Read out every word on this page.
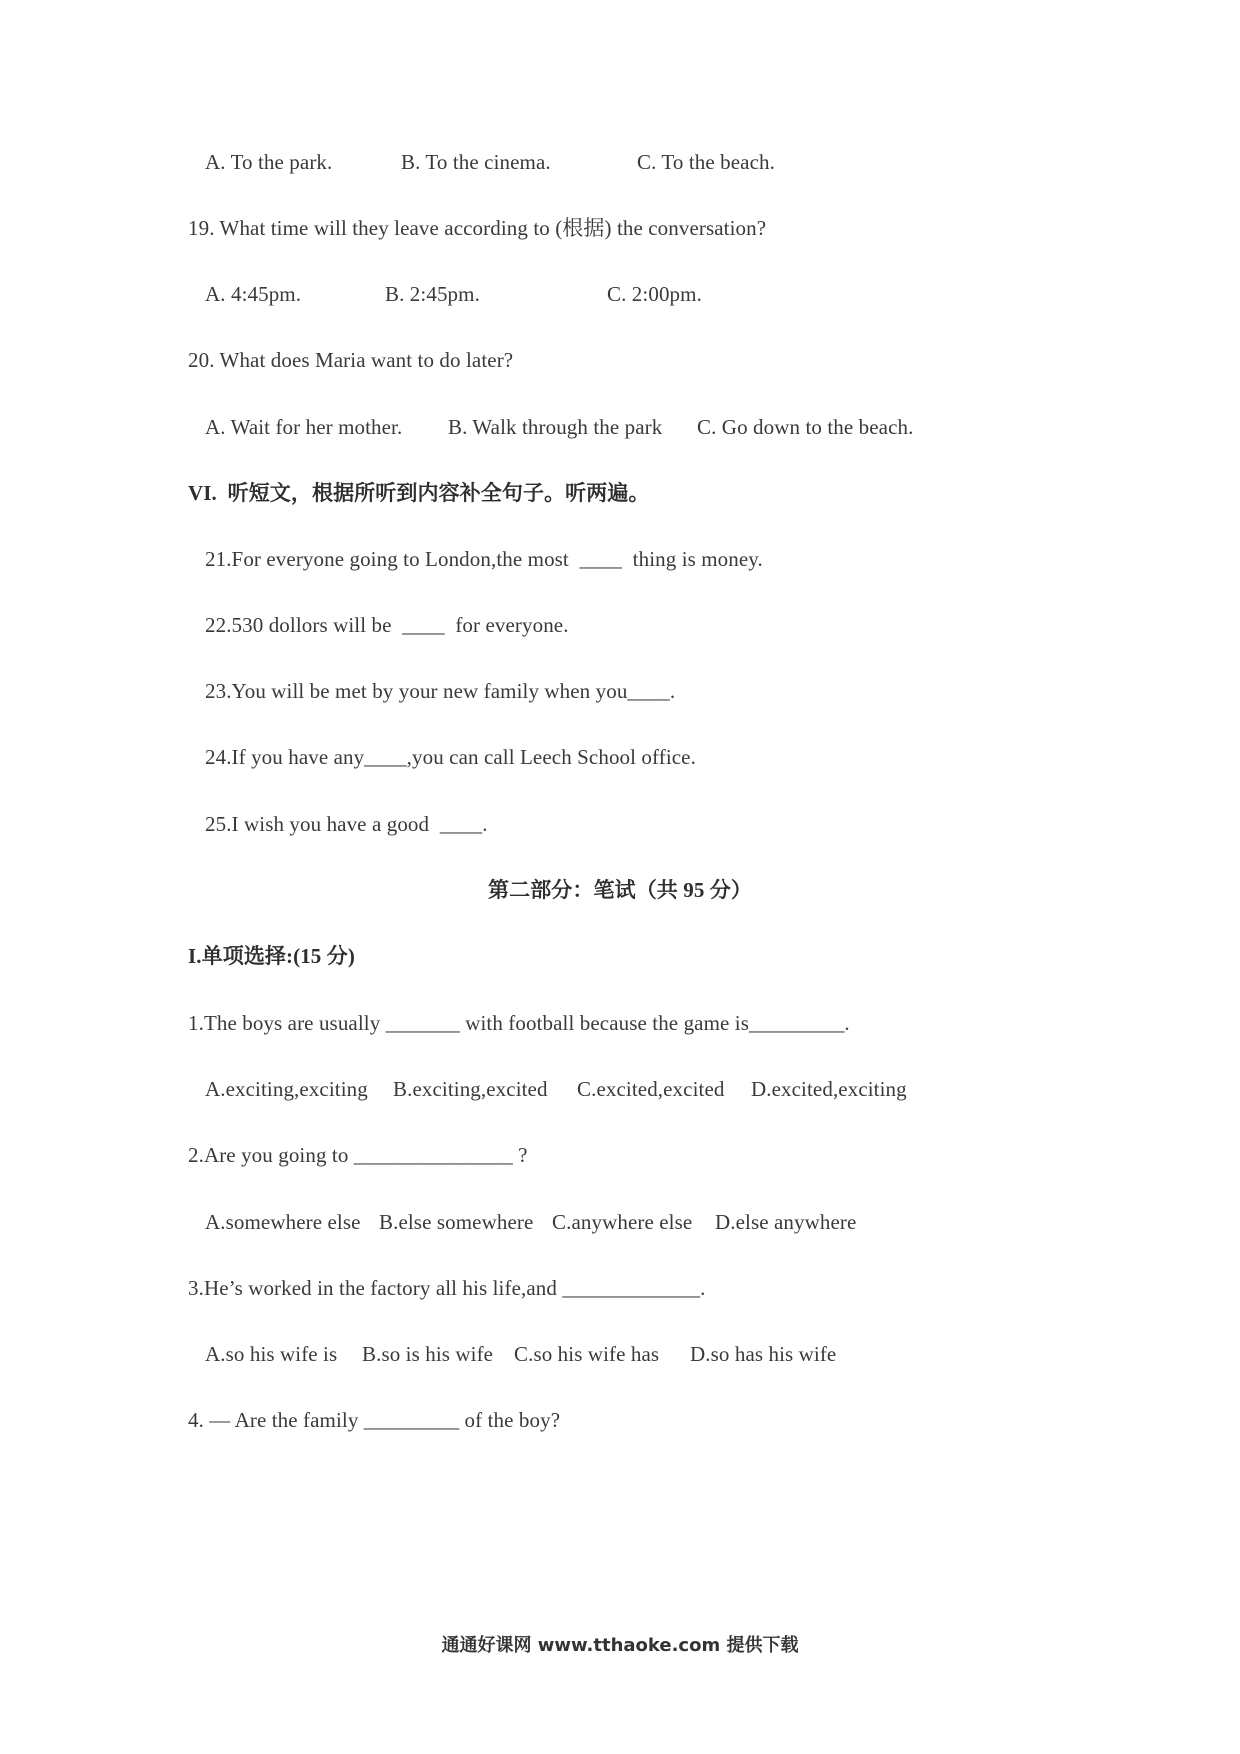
A. To the park.

	B. To the cinema.

	C. To the beach.

19. What time will they leave according to (根据) the conversation?

A. 4:45pm.

	B. 2:45pm.

	C. 2:00pm.

20. What does Maria want to do later?

A. Wait for her mother.

B. Walk through the park

C. Go down to the beach.

VI.  听短文，根据所听到内容补全句子。听两遍。
21.For everyone going to London,the most  ____  thing is money.
22.530 dollors will be  ____  for everyone.
23.You will be met by your new family when you____.
24.If you have any____,you can call Leech School office.
25.I wish you have a good  ____.
第二部分：笔试（共 95 分）
I.单项选择:(15 分)
1.The boys are usually _______ with football because the game is_________.

A.exciting,exciting

B.exciting,excited

C.excited,excited

D.excited,exciting

2.Are you going to _______________ ?

A.somewhere else

B.else somewhere

C.anywhere else

D.else anywhere

3.He’s worked in the factory all his life,and _____________.

A.so his wife is

B.so is his wife

C.so his wife has

D.so has his wife

4. — Are the family _________ of the boy?
通通好课网 www.tthaoke.com 提供下载
